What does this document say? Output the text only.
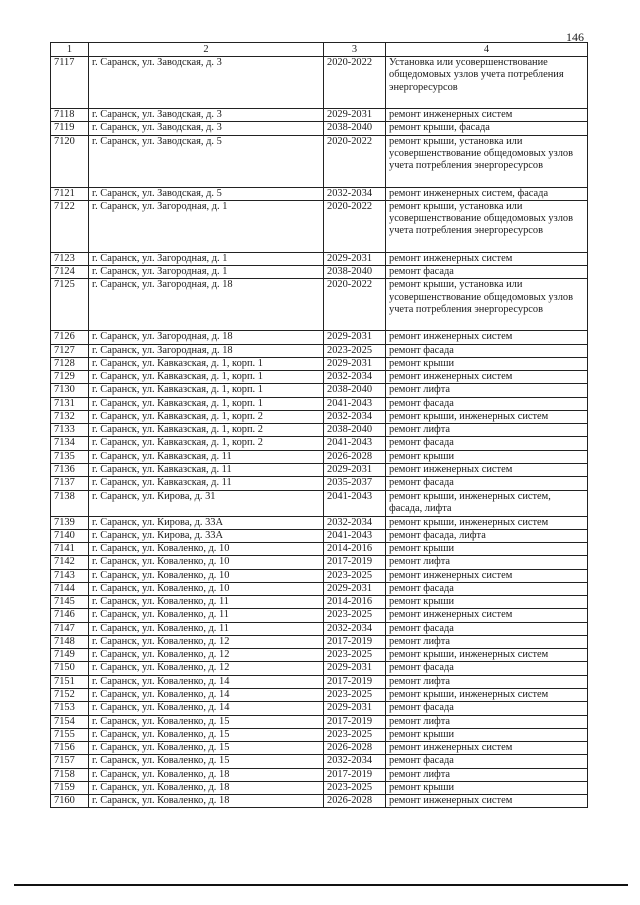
146
1	2	3	4
7117	г. Саранск, ул. Заводская, д. 3	2020-2022	Установка или усовершенствование общедомовых узлов учета потребления энергоресурсов
7118	г. Саранск, ул. Заводская, д. 3	2029-2031	ремонт инженерных систем
7119	г. Саранск, ул. Заводская, д. 3	2038-2040	ремонт крыши, фасада
7120	г. Саранск, ул. Заводская, д. 5	2020-2022	ремонт крыши, установка или усовершенствование общедомовых узлов учета потребления энергоресурсов
7121	г. Саранск, ул. Заводская, д. 5	2032-2034	ремонт инженерных систем, фасада
7122	г. Саранск, ул. Загородная, д. 1	2020-2022	ремонт крыши, установка или усовершенствование общедомовых узлов учета потребления энергоресурсов
7123	г. Саранск, ул. Загородная, д. 1	2029-2031	ремонт инженерных систем
7124	г. Саранск, ул. Загородная, д. 1	2038-2040	ремонт фасада
7125	г. Саранск, ул. Загородная, д. 18	2020-2022	ремонт крыши, установка или усовершенствование общедомовых узлов учета потребления энергоресурсов
7126	г. Саранск, ул. Загородная, д. 18	2029-2031	ремонт инженерных систем
7127	г. Саранск, ул. Загородная, д. 18	2023-2025	ремонт фасада
7128	г. Саранск, ул. Кавказская, д. 1, корп. 1	2029-2031	ремонт крыши
7129	г. Саранск, ул. Кавказская, д. 1, корп. 1	2032-2034	ремонт инженерных систем
7130	г. Саранск, ул. Кавказская, д. 1, корп. 1	2038-2040	ремонт лифта
7131	г. Саранск, ул. Кавказская, д. 1, корп. 1	2041-2043	ремонт фасада
7132	г. Саранск, ул. Кавказская, д. 1, корп. 2	2032-2034	ремонт крыши, инженерных систем
7133	г. Саранск, ул. Кавказская, д. 1, корп. 2	2038-2040	ремонт лифта
7134	г. Саранск, ул. Кавказская, д. 1, корп. 2	2041-2043	ремонт фасада
7135	г. Саранск, ул. Кавказская, д. 11	2026-2028	ремонт крыши
7136	г. Саранск, ул. Кавказская, д. 11	2029-2031	ремонт инженерных систем
7137	г. Саранск, ул. Кавказская, д. 11	2035-2037	ремонт фасада
7138	г. Саранск, ул. Кирова, д. 31	2041-2043	ремонт крыши, инженерных систем, фасада, лифта
7139	г. Саранск, ул. Кирова, д. 33А	2032-2034	ремонт крыши, инженерных систем
7140	г. Саранск, ул. Кирова, д. 33А	2041-2043	ремонт фасада, лифта
7141	г. Саранск, ул. Коваленко, д. 10	2014-2016	ремонт крыши
7142	г. Саранск, ул. Коваленко, д. 10	2017-2019	ремонт лифта
7143	г. Саранск, ул. Коваленко, д. 10	2023-2025	ремонт инженерных систем
7144	г. Саранск, ул. Коваленко, д. 10	2029-2031	ремонт фасада
7145	г. Саранск, ул. Коваленко, д. 11	2014-2016	ремонт крыши
7146	г. Саранск, ул. Коваленко, д. 11	2023-2025	ремонт инженерных систем
7147	г. Саранск, ул. Коваленко, д. 11	2032-2034	ремонт фасада
7148	г. Саранск, ул. Коваленко, д. 12	2017-2019	ремонт лифта
7149	г. Саранск, ул. Коваленко, д. 12	2023-2025	ремонт крыши, инженерных систем
7150	г. Саранск, ул. Коваленко, д. 12	2029-2031	ремонт фасада
7151	г. Саранск, ул. Коваленко, д. 14	2017-2019	ремонт лифта
7152	г. Саранск, ул. Коваленко, д. 14	2023-2025	ремонт крыши, инженерных систем
7153	г. Саранск, ул. Коваленко, д. 14	2029-2031	ремонт фасада
7154	г. Саранск, ул. Коваленко, д. 15	2017-2019	ремонт лифта
7155	г. Саранск, ул. Коваленко, д. 15	2023-2025	ремонт крыши
7156	г. Саранск, ул. Коваленко, д. 15	2026-2028	ремонт инженерных систем
7157	г. Саранск, ул. Коваленко, д. 15	2032-2034	ремонт фасада
7158	г. Саранск, ул. Коваленко, д. 18	2017-2019	ремонт лифта
7159	г. Саранск, ул. Коваленко, д. 18	2023-2025	ремонт крыши
7160	г. Саранск, ул. Коваленко, д. 18	2026-2028	ремонт инженерных систем
